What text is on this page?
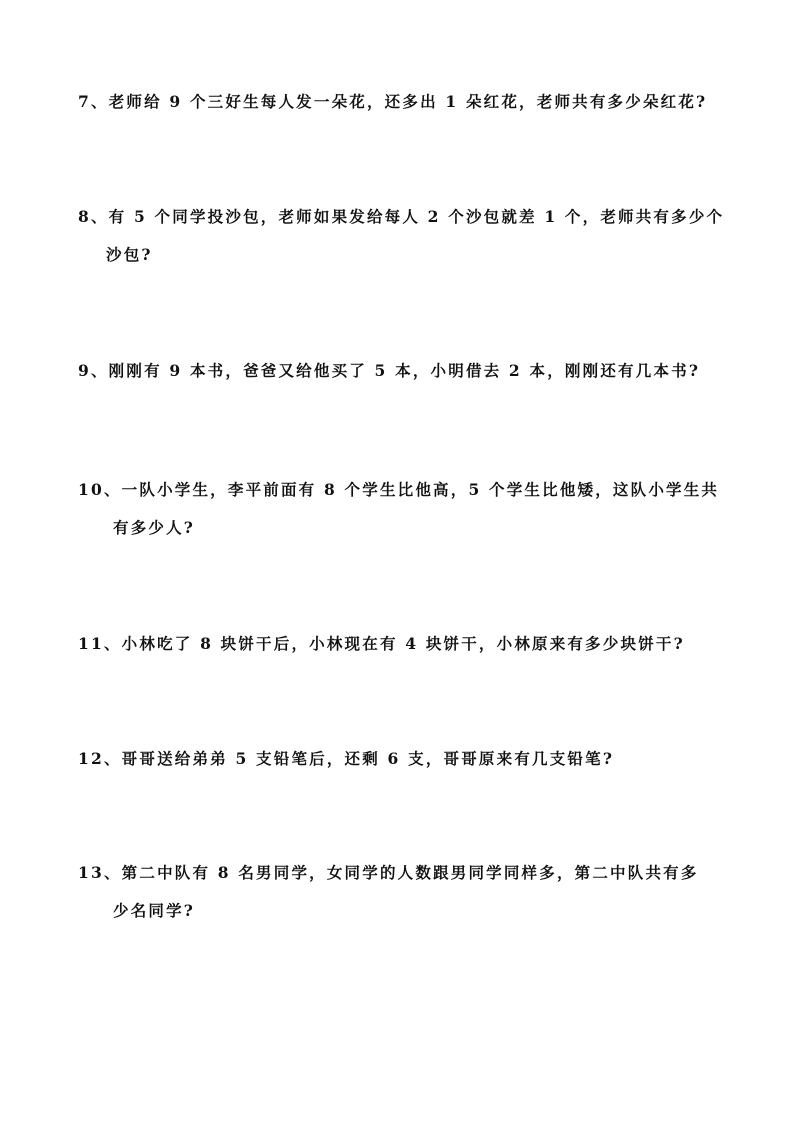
7、老师给 9 个三好生每人发一朵花，还多出 1 朵红花，老师共有多少朵红花?
8、有 5 个同学投沙包，老师如果发给每人 2 个沙包就差 1 个，老师共有多少个
沙包?
9、刚刚有 9 本书，爸爸又给他买了 5 本，小明借去 2 本，刚刚还有几本书?
10、一队小学生，李平前面有 8 个学生比他高，5 个学生比他矮，这队小学生共
有多少人?
11、小林吃了 8 块饼干后，小林现在有 4 块饼干，小林原来有多少块饼干?
12、哥哥送给弟弟 5 支铅笔后，还剩 6 支，哥哥原来有几支铅笔?
13、第二中队有 8 名男同学，女同学的人数跟男同学同样多，第二中队共有多
少名同学?
